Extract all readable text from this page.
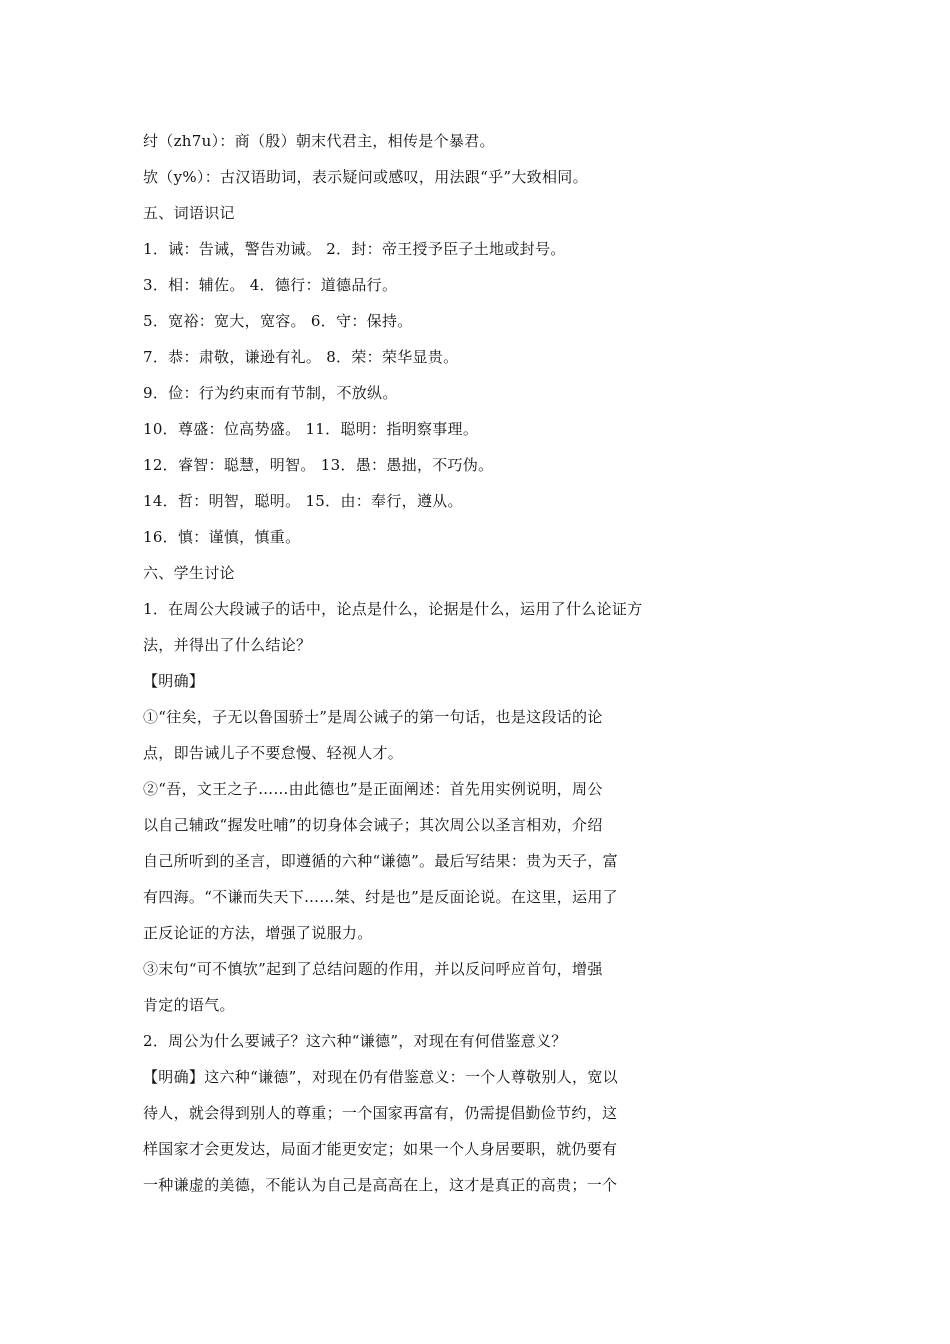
纣（zh7u）：商（殷）朝末代君主，相传是个暴君。
欤（y%）：古汉语助词，表示疑问或感叹，用法跟“乎”大致相同。
五、词语识记
1．诫：告诫，警告劝诫。 2．封：帝王授予臣子土地或封号。
3．相：辅佐。 4．德行：道德品行。
5．宽裕：宽大，宽容。 6．守：保持。
7．恭：肃敬，谦逊有礼。 8．荣：荣华显贵。
9．俭：行为约束而有节制，不放纵。
10．尊盛：位高势盛。 11．聪明：指明察事理。
12．睿智：聪慧，明智。 13．愚：愚拙，不巧伪。
14．哲：明智，聪明。 15．由：奉行，遵从。
16．慎：谨慎，慎重。
六、学生讨论
1．在周公大段诫子的话中，论点是什么，论据是什么，运用了什么论证方
法，并得出了什么结论？
【明确】
①“往矣，子无以鲁国骄士”是周公诫子的第一句话，也是这段话的论
点，即告诫儿子不要怠慢、轻视人才。
②“吾，文王之子……由此德也”是正面阐述：首先用实例说明，周公
以自己辅政“握发吐哺”的切身体会诫子；其次周公以圣言相劝，介绍
自己所听到的圣言，即遵循的六种“谦德”。最后写结果：贵为天子，富
有四海。“不谦而失天下……桀、纣是也”是反面论说。在这里，运用了
正反论证的方法，增强了说服力。
③末句“可不慎欤”起到了总结问题的作用，并以反问呼应首句，增强
肯定的语气。
2．周公为什么要诫子？这六种“谦德”，对现在有何借鉴意义？
【明确】这六种“谦德”，对现在仍有借鉴意义：一个人尊敬别人，宽以
待人，就会得到别人的尊重；一个国家再富有，仍需提倡勤俭节约，这
样国家才会更发达，局面才能更安定；如果一个人身居要职，就仍要有
一种谦虚的美德，不能认为自己是高高在上，这才是真正的高贵；一个
